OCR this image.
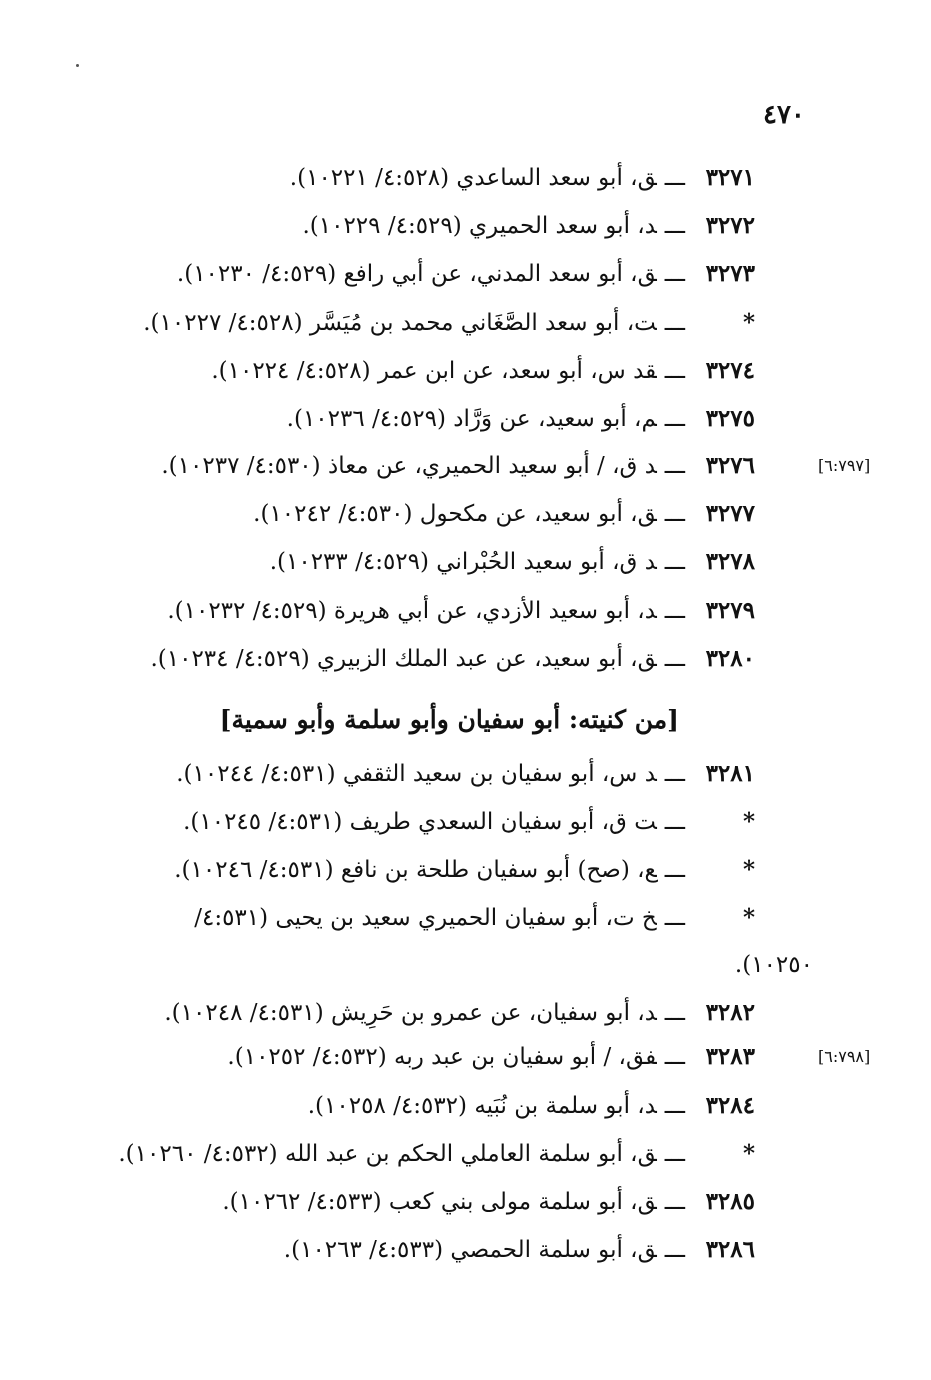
٤٧٠
[٦:٧٩٧]
[٦:٧٩٨]
٣٢٧١ـــق، أبو سعد الساعدي (٤:٥٢٨/ ١٠٢٢١).
٣٢٧٢ـــد، أبو سعد الحميري (٤:٥٢٩/ ١٠٢٢٩).
٣٢٧٣ـــق، أبو سعد المدني، عن أبي رافع (٤:٥٢٩/ ١٠٢٣٠).
*ـــت، أبو سعد الصَّغَاني محمد بن مُيَسَّر (٤:٥٢٨/ ١٠٢٢٧).
٣٢٧٤ـــقد س، أبو سعد، عن ابن عمر (٤:٥٢٨/ ١٠٢٢٤).
٣٢٧٥ـــم، أبو سعيد، عن وَرَّاد (٤:٥٢٩/ ١٠٢٣٦).
٣٢٧٦ـــد ق، / أبو سعيد الحميري، عن معاذ (٤:٥٣٠/ ١٠٢٣٧).
٣٢٧٧ـــق، أبو سعيد، عن مكحول (٤:٥٣٠/ ١٠٢٤٢).
٣٢٧٨ـــد ق، أبو سعيد الحُبْراني (٤:٥٢٩/ ١٠٢٣٣).
٣٢٧٩ـــد، أبو سعيد الأزدي، عن أبي هريرة (٤:٥٢٩/ ١٠٢٣٢).
٣٢٨٠ـــق، أبو سعيد، عن عبد الملك الزبيري (٤:٥٢٩/ ١٠٢٣٤).
[من كنيته: أبو سفيان وأبو سلمة وأبو سمية]
٣٢٨١ـــد س، أبو سفيان بن سعيد الثقفي (٤:٥٣١/ ١٠٢٤٤).
*ـــت ق، أبو سفيان السعدي طريف (٤:٥٣١/ ١٠٢٤٥).
*ـــع، (صح) أبو سفيان طلحة بن نافع (٤:٥٣١/ ١٠٢٤٦).
*ـــخ ت، أبو سفيان الحميري سعيد بن يحيى (٤:٥٣١/
١٠٢٥٠).
٣٢٨٢ـــد، أبو سفيان، عن عمرو بن حَرِيش (٤:٥٣١/ ١٠٢٤٨).
٣٢٨٣ـــفق، / أبو سفيان بن عبد ربه (٤:٥٣٢/ ١٠٢٥٢).
٣٢٨٤ـــد، أبو سلمة بن نُبَيه (٤:٥٣٢/ ١٠٢٥٨).
*ـــق، أبو سلمة العاملي الحكم بن عبد الله (٤:٥٣٢/ ١٠٢٦٠).
٣٢٨٥ـــق، أبو سلمة مولى بني كعب (٤:٥٣٣/ ١٠٢٦٢).
٣٢٨٦ـــق، أبو سلمة الحمصي (٤:٥٣٣/ ١٠٢٦٣).
